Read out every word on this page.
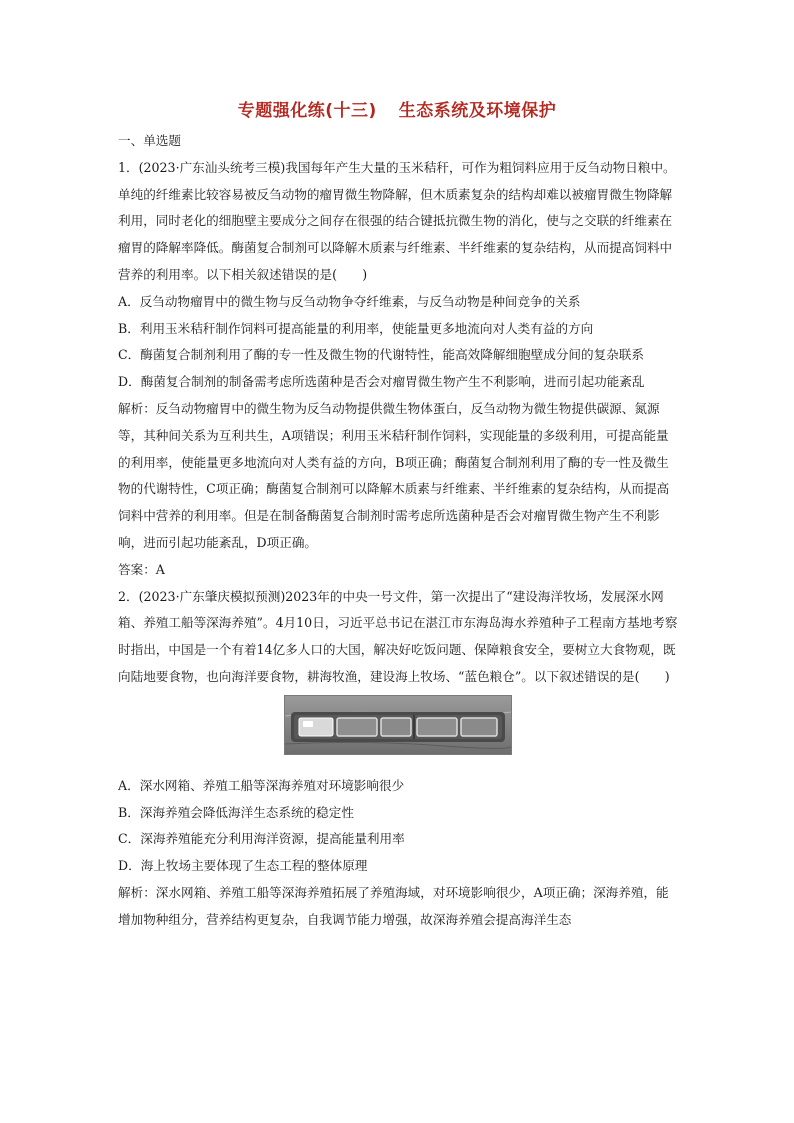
专题强化练(十三) 生态系统及环境保护

一、单选题

1．(2023·广东汕头统考三模)我国每年产生大量的玉米秸秆，可作为粗饲料应用于反刍动物日粮中。单纯的纤维素比较容易被反刍动物的瘤胃微生物降解，但木质素复杂的结构却难以被瘤胃微生物降解利用，同时老化的细胞壁主要成分之间存在很强的结合键抵抗微生物的消化，使与之交联的纤维素在瘤胃的降解率降低。酶菌复合制剂可以降解木质素与纤维素、半纤维素的复杂结构，从而提高饲料中营养的利用率。以下相关叙述错误的是(　　)

A．反刍动物瘤胃中的微生物与反刍动物争夺纤维素，与反刍动物是种间竞争的关系

B．利用玉米秸秆制作饲料可提高能量的利用率，使能量更多地流向对人类有益的方向

C．酶菌复合制剂利用了酶的专一性及微生物的代谢特性，能高效降解细胞壁成分间的复杂联系

D．酶菌复合制剂的制备需考虑所选菌种是否会对瘤胃微生物产生不利影响，进而引起功能紊乱

解析：反刍动物瘤胃中的微生物为反刍动物提供微生物体蛋白，反刍动物为微生物提供碳源、氮源等，其种间关系为互利共生，A项错误；利用玉米秸秆制作饲料，实现能量的多级利用，可提高能量的利用率，使能量更多地流向对人类有益的方向，B项正确；酶菌复合制剂利用了酶的专一性及微生物的代谢特性，C项正确；酶菌复合制剂可以降解木质素与纤维素、半纤维素的复杂结构，从而提高饲料中营养的利用率。但是在制备酶菌复合制剂时需考虑所选菌种是否会对瘤胃微生物产生不利影响，进而引起功能紊乱，D项正确。

答案：A

2．(2023·广东肇庆模拟预测)2023年的中央一号文件，第一次提出了“建设海洋牧场，发展深水网箱、养殖工船等深海养殖”。4月10日，习近平总书记在湛江市东海岛海水养殖种子工程南方基地考察时指出，中国是一个有着14亿多人口的大国，解决好吃饭问题、保障粮食安全，要树立大食物观，既向陆地要食物，也向海洋要食物，耕海牧渔，建设海上牧场、“蓝色粮仓”。以下叙述错误的是(　　)

A．深水网箱、养殖工船等深海养殖对环境影响很少

B．深海养殖会降低海洋生态系统的稳定性

C．深海养殖能充分利用海洋资源，提高能量利用率

D．海上牧场主要体现了生态工程的整体原理

解析：深水网箱、养殖工船等深海养殖拓展了养殖海域，对环境影响很少，A项正确；深海养殖，能增加物种组分，营养结构更复杂，自我调节能力增强，故深海养殖会提高海洋生态
